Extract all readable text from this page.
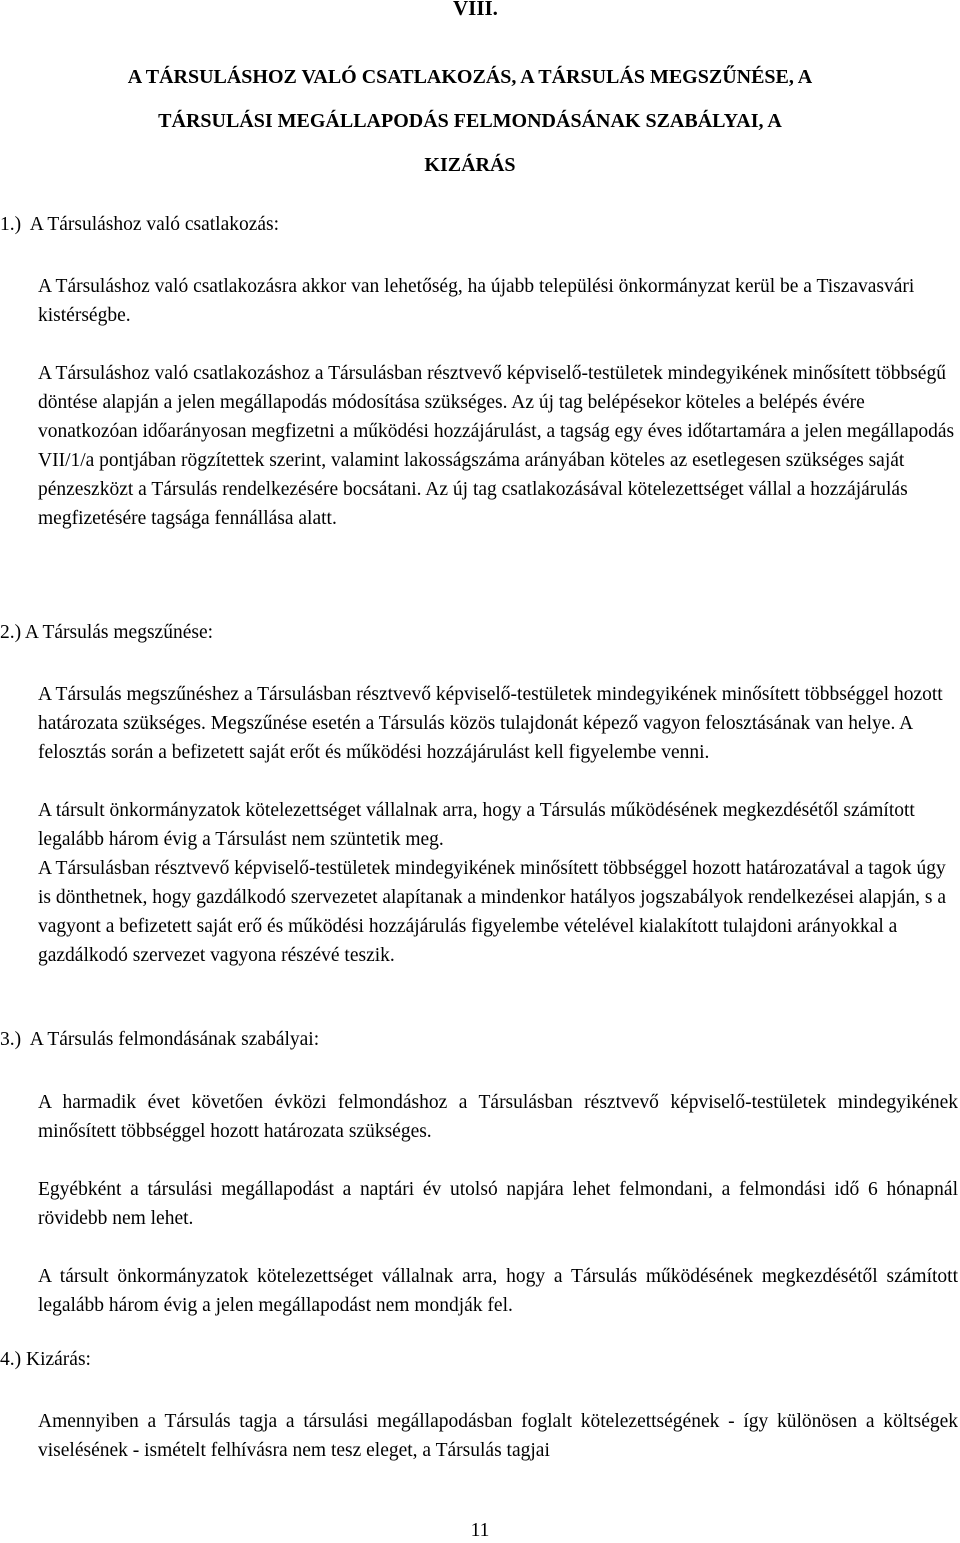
VIII.
A TÁRSULÁSHOZ VALÓ CSATLAKOZÁS, A TÁRSULÁS MEGSZŰNÉSE, A
TÁRSULÁSI MEGÁLLAPODÁS FELMONDÁSÁNAK SZABÁLYAI, A
KIZÁRÁS
1.)  A Társuláshoz való csatlakozás:

A Társuláshoz való csatlakozásra akkor van lehetőség, ha újabb települési önkormányzat kerül be a Tiszavasvári kistérségbe.

A Társuláshoz való csatlakozáshoz a Társulásban résztvevő képviselő-testületek mindegyikének minősített többségű döntése alapján a jelen megállapodás módosítása szükséges. Az új tag belépésekor köteles a belépés évére vonatkozóan időarányosan megfizetni a működési hozzájárulást, a tagság egy éves időtartamára a jelen megállapodás VII/1/a pontjában rögzítettek szerint, valamint lakosságszáma arányában köteles az esetlegesen szükséges saját pénzeszközt a Társulás rendelkezésére bocsátani. Az új tag csatlakozásával kötelezettséget vállal a hozzájárulás megfizetésére tagsága fennállása alatt.

2.) A Társulás megszűnése:

A Társulás megszűnéshez a Társulásban résztvevő képviselő-testületek mindegyikének minősített többséggel hozott határozata szükséges. Megszűnése esetén a Társulás közös tulajdonát képező vagyon felosztásának van helye. A felosztás során a befizetett saját erőt és működési hozzájárulást kell figyelembe venni.

A társult önkormányzatok kötelezettséget vállalnak arra, hogy a Társulás működésének megkezdésétől számított legalább három évig a Társulást nem szüntetik meg.

A Társulásban résztvevő képviselő-testületek mindegyikének minősített többséggel hozott határozatával a tagok úgy is dönthetnek, hogy gazdálkodó szervezetet alapítanak a mindenkor hatályos jogszabályok rendelkezései alapján, s a vagyont a befizetett saját erő és működési hozzájárulás figyelembe vételével kialakított tulajdoni arányokkal a gazdálkodó szervezet vagyona részévé teszik.

3.)  A Társulás felmondásának szabályai:

A harmadik évet követően évközi felmondáshoz a Társulásban résztvevő képviselő-testületek mindegyikének minősített többséggel hozott határozata szükséges.

Egyébként a társulási megállapodást a naptári év utolsó napjára lehet felmondani, a felmondási idő 6 hónapnál rövidebb nem lehet.

A társult önkormányzatok kötelezettséget vállalnak arra, hogy a Társulás működésének megkezdésétől számított legalább három évig a jelen megállapodást nem mondják fel.

4.) Kizárás:

Amennyiben a Társulás tagja a társulási megállapodásban foglalt kötelezettségének - így különösen a költségek viselésének - ismételt felhívásra nem tesz eleget, a Társulás tagjai

11
